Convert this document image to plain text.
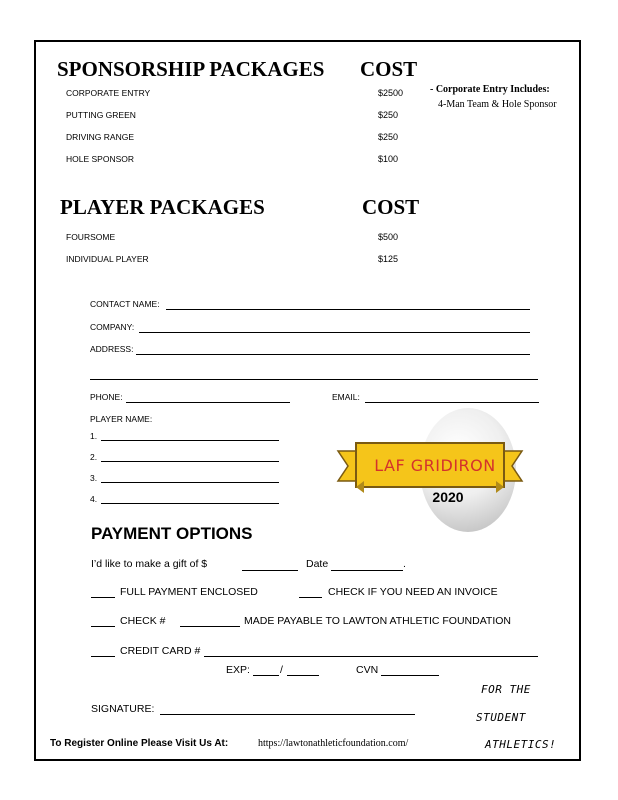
SPONSORSHIP PACKAGES COST
CORPORATE ENTRY	$2500
PUTTING GREEN	$250
DRIVING RANGE	$250
HOLE SPONSOR	$100
- Corporate Entry Includes:
4-Man Team & Hole Sponsor
PLAYER PACKAGES	COST
FOURSOME	$500
INDIVIDUAL PLAYER	$125
CONTACT NAME:
COMPANY:
ADDRESS:
PHONE:	EMAIL:
PLAYER NAME:
1.
2.
3.
4.
LAF GRIDIRON
2020
PAYMENT OPTIONS
I’d like to make a gift of $	Date	.
FULL PAYMENT ENCLOSED	CHECK IF YOU NEED AN INVOICE
CHECK #	MADE PAYABLE TO LAWTON ATHLETIC FOUNDATION
CREDIT CARD #
EXP:	/	CVN
SIGNATURE:
FOR THE
STUDENT
ATHLETICS!
To Register Online Please Visit Us At:	https://lawtonathleticfoundation.com/
